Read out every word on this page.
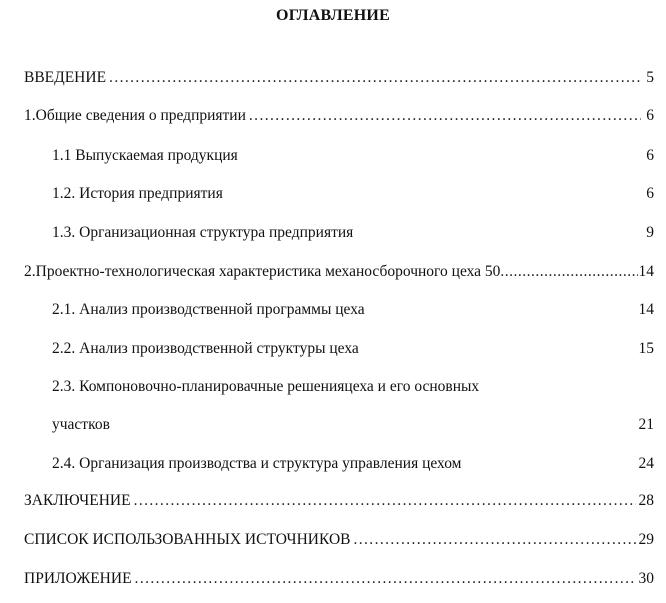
ОГЛАВЛЕНИЕ
ВВЕДЕНИЕ .....	5
1. Общие сведения о предприятии .....	6
1.1 Выпускаемая продукция	6
1.2. История предприятия	6
1.3. Организационная структура предприятия	9
2. Проектно-технологическая характеристика механосборочного цеха 50 .....	14
2.1. Анализ производственной программы цеха	14
2.2. Анализ производственной структуры цеха	15
2.3. Компоновочно-планировачные решенияцеха и его основных
участков	21
2.4. Организация производства и структура управления цехом	24
ЗАКЛЮЧЕНИЕ .....	28
СПИСОК ИСПОЛЬЗОВАННЫХ ИСТОЧНИКОВ .....	29
ПРИЛОЖЕНИЕ .....	30
